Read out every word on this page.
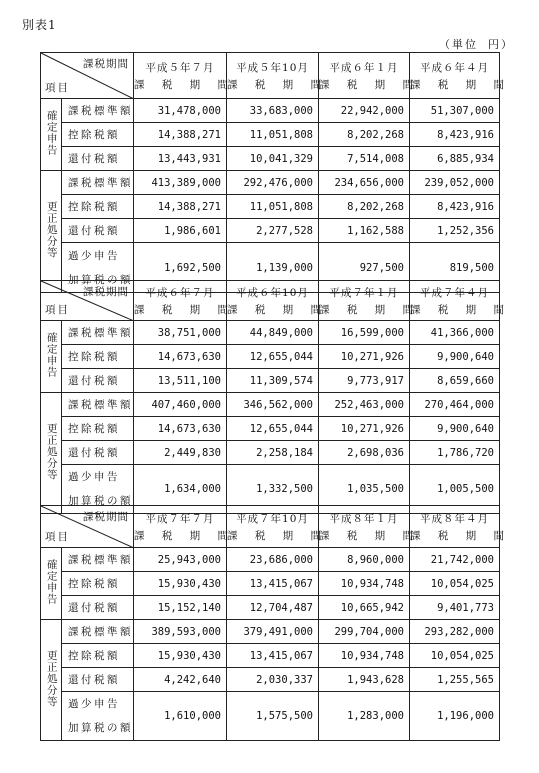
別表1
（単位 円）
課税期間
項目		平成５年７月
課 税 期 間	平成５年10月
課 税 期 間	平成６年１月
課 税 期 間	平成６年４月
課 税 期 間

確定申告	課税標準額	31,478,000	33,683,000	22,942,000	51,307,000
	控除税額	14,388,271	11,051,808	8,202,268	8,423,916
	還付税額	13,443,931	10,041,329	7,514,008	6,885,934
更正処分等	課税標準額	413,389,000	292,476,000	234,656,000	239,052,000
	控除税額	14,388,271	11,051,808	8,202,268	8,423,916
	還付税額	1,986,601	2,277,528	1,162,588	1,252,356
	過少申告
加算税の額	1,692,500	1,139,000	927,500	819,500
課税期間
項目		平成６年７月
課 税 期 間	平成６年10月
課 税 期 間	平成７年１月
課 税 期 間	平成７年４月
課 税 期 間

確定申告	課税標準額	38,751,000	44,849,000	16,599,000	41,366,000
	控除税額	14,673,630	12,655,044	10,271,926	9,900,640
	還付税額	13,511,100	11,309,574	9,773,917	8,659,660
更正処分等	課税標準額	407,460,000	346,562,000	252,463,000	270,464,000
	控除税額	14,673,630	12,655,044	10,271,926	9,900,640
	還付税額	2,449,830	2,258,184	2,698,036	1,786,720
	過少申告
加算税の額	1,634,000	1,332,500	1,035,500	1,005,500
課税期間
項目		平成７年７月
課 税 期 間	平成７年10月
課 税 期 間	平成８年１月
課 税 期 間	平成８年４月
課 税 期 間

確定申告	課税標準額	25,943,000	23,686,000	8,960,000	21,742,000
	控除税額	15,930,430	13,415,067	10,934,748	10,054,025
	還付税額	15,152,140	12,704,487	10,665,942	9,401,773
更正処分等	課税標準額	389,593,000	379,491,000	299,704,000	293,282,000
	控除税額	15,930,430	13,415,067	10,934,748	10,054,025
	還付税額	4,242,640	2,030,337	1,943,628	1,255,565
	過少申告
加算税の額	1,610,000	1,575,500	1,283,000	1,196,000
